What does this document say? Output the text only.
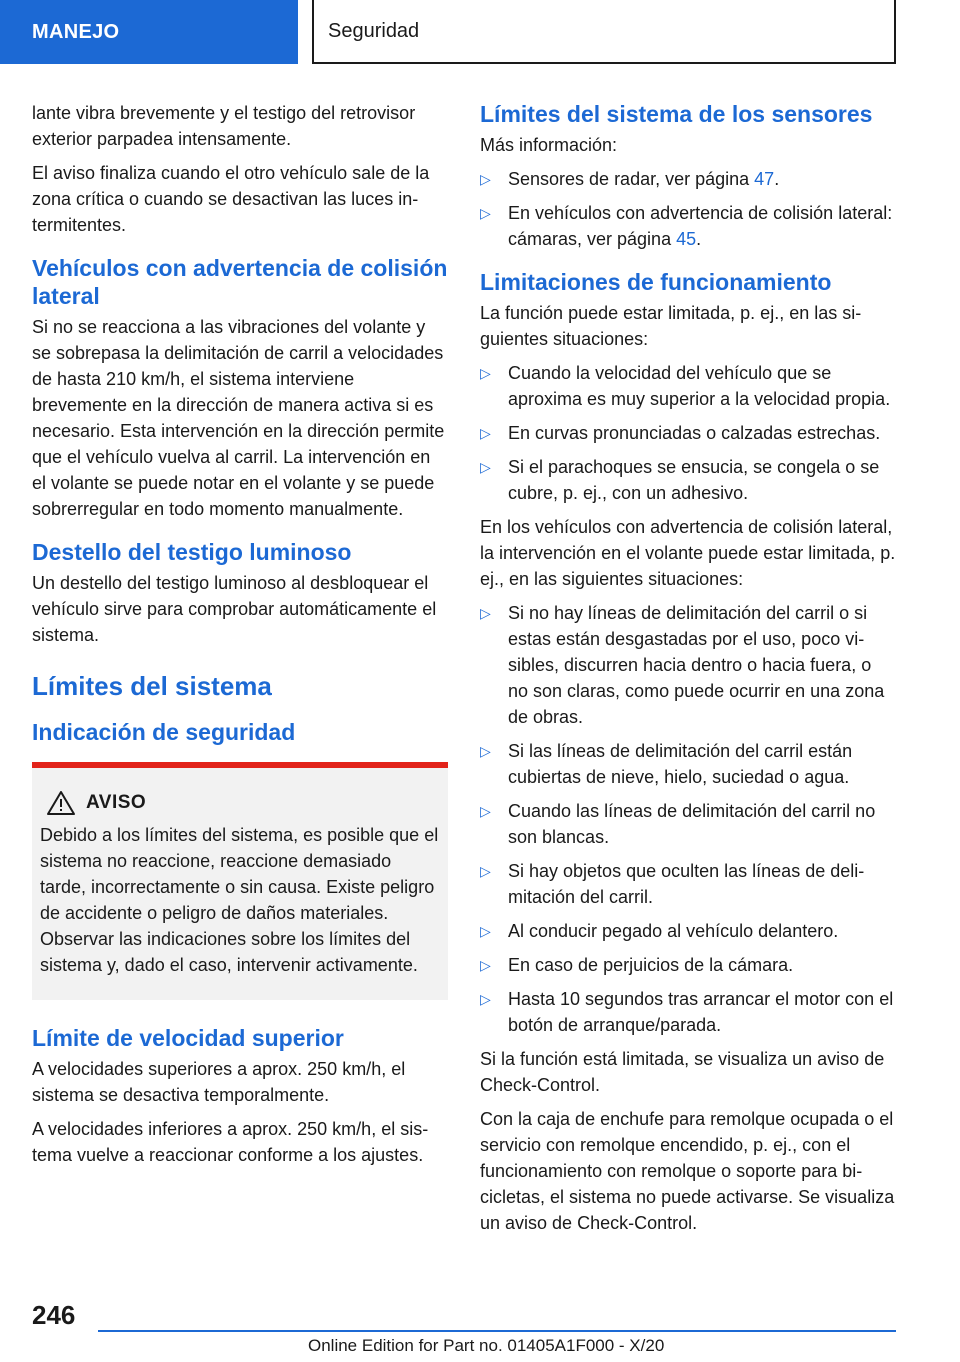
MANEJO	Seguridad

lante vibra brevemente y el testigo del retrovisor exterior parpadea intensamente.

El aviso finaliza cuando el otro vehículo sale de la zona crítica o cuando se desactivan las luces intermitentes.

Vehículos con advertencia de colisión lateral

Si no se reacciona a las vibraciones del volante y se sobrepasa la delimitación de carril a velocidades de hasta 210 km/h, el sistema interviene brevemente en la dirección de manera activa si es necesario. Esta intervención en la dirección permite que el vehículo vuelva al carril. La intervención en el volante se puede notar en el volante y se puede sobrerregular en todo momento manualmente.

Destello del testigo luminoso

Un destello del testigo luminoso al desbloquear el vehículo sirve para comprobar automáticamente el sistema.

Límites del sistema
Indicación de seguridad
AVISO

Debido a los límites del sistema, es posible que el sistema no reaccione, reaccione demasiado tarde, incorrectamente o sin causa. Existe peligro de accidente o peligro de daños materiales. Observar las indicaciones sobre los límites del sistema y, dado el caso, intervenir activamente.

Límite de velocidad superior

A velocidades superiores a aprox. 250 km/h, el sistema se desactiva temporalmente.

A velocidades inferiores a aprox. 250 km/h, el sistema vuelve a reaccionar conforme a los ajustes.

Límites del sistema de los sensores

Más información:

▷ Sensores de radar, ver página 47.
▷ En vehículos con advertencia de colisión lateral: cámaras, ver página 45.
Limitaciones de funcionamiento

La función puede estar limitada, p. ej., en las siguientes situaciones:

▷ Cuando la velocidad del vehículo que se aproxima es muy superior a la velocidad propia.
▷ En curvas pronunciadas o calzadas estrechas.
▷ Si el parachoques se ensucia, se congela o se cubre, p. ej., con un adhesivo.

En los vehículos con advertencia de colisión lateral, la intervención en el volante puede estar limitada, p. ej., en las siguientes situaciones:

▷ Si no hay líneas de delimitación del carril o si estas están desgastadas por el uso, poco visibles, discurren hacia dentro o hacia fuera, o no son claras, como puede ocurrir en una zona de obras.
▷ Si las líneas de delimitación del carril están cubiertas de nieve, hielo, suciedad o agua.
▷ Cuando las líneas de delimitación del carril no son blancas.
▷ Si hay objetos que oculten las líneas de delimitación del carril.
▷ Al conducir pegado al vehículo delantero.
▷ En caso de perjuicios de la cámara.
▷ Hasta 10 segundos tras arrancar el motor con el botón de arranque/parada.

Si la función está limitada, se visualiza un aviso de Check-Control.

Con la caja de enchufe para remolque ocupada o el servicio con remolque encendido, p. ej., con el funcionamiento con remolque o soporte para bicicletas, el sistema no puede activarse. Se visualiza un aviso de Check-Control.

246
Online Edition for Part no. 01405A1F000 - X/20
